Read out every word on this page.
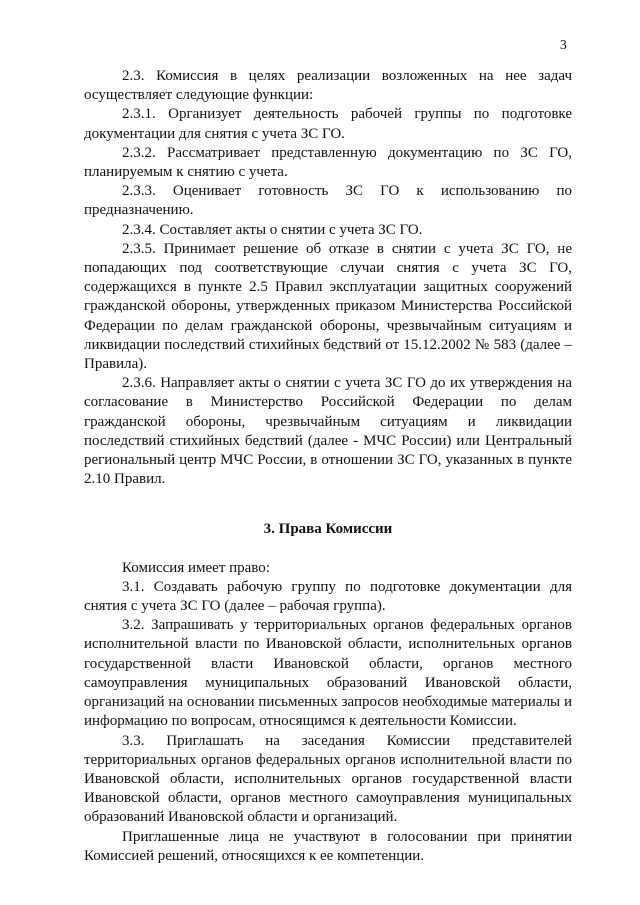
3

2.3. Комиссия в целях реализации возложенных на нее задач осуществляет следующие функции:

2.3.1. Организует деятельность рабочей группы по подготовке документации для снятия с учета ЗС ГО.

2.3.2. Рассматривает представленную документацию по ЗС ГО, планируемым к снятию с учета.

2.3.3. Оценивает готовность ЗС ГО к использованию по предназначению.

2.3.4. Составляет акты о снятии с учета ЗС ГО.

2.3.5. Принимает решение об отказе в снятии с учета ЗС ГО, не попадающих под соответствующие случаи снятия с учета ЗС ГО, содержащихся в пункте 2.5 Правил эксплуатации защитных сооружений гражданской обороны, утвержденных приказом Министерства Российской Федерации по делам гражданской обороны, чрезвычайным ситуациям и ликвидации последствий стихийных бедствий от 15.12.2002 № 583 (далее – Правила).

2.3.6. Направляет акты о снятии с учета ЗС ГО до их утверждения на согласование в Министерство Российской Федерации по делам гражданской обороны, чрезвычайным ситуациям и ликвидации последствий стихийных бедствий (далее - МЧС России) или Центральный региональный центр МЧС России, в отношении ЗС ГО, указанных в пункте 2.10 Правил.

3. Права Комиссии

Комиссия имеет право:

3.1. Создавать рабочую группу по подготовке документации для снятия с учета ЗС ГО (далее – рабочая группа).

3.2. Запрашивать у территориальных органов федеральных органов исполнительной власти по Ивановской области, исполнительных органов государственной власти Ивановской области, органов местного самоуправления муниципальных образований Ивановской области, организаций на основании письменных запросов необходимые материалы и информацию по вопросам, относящимся к деятельности Комиссии.

3.3. Приглашать на заседания Комиссии представителей территориальных органов федеральных органов исполнительной власти по Ивановской области, исполнительных органов государственной власти Ивановской области, органов местного самоуправления муниципальных образований Ивановской области и организаций.

Приглашенные лица не участвуют в голосовании при принятии Комиссией решений, относящихся к ее компетенции.
